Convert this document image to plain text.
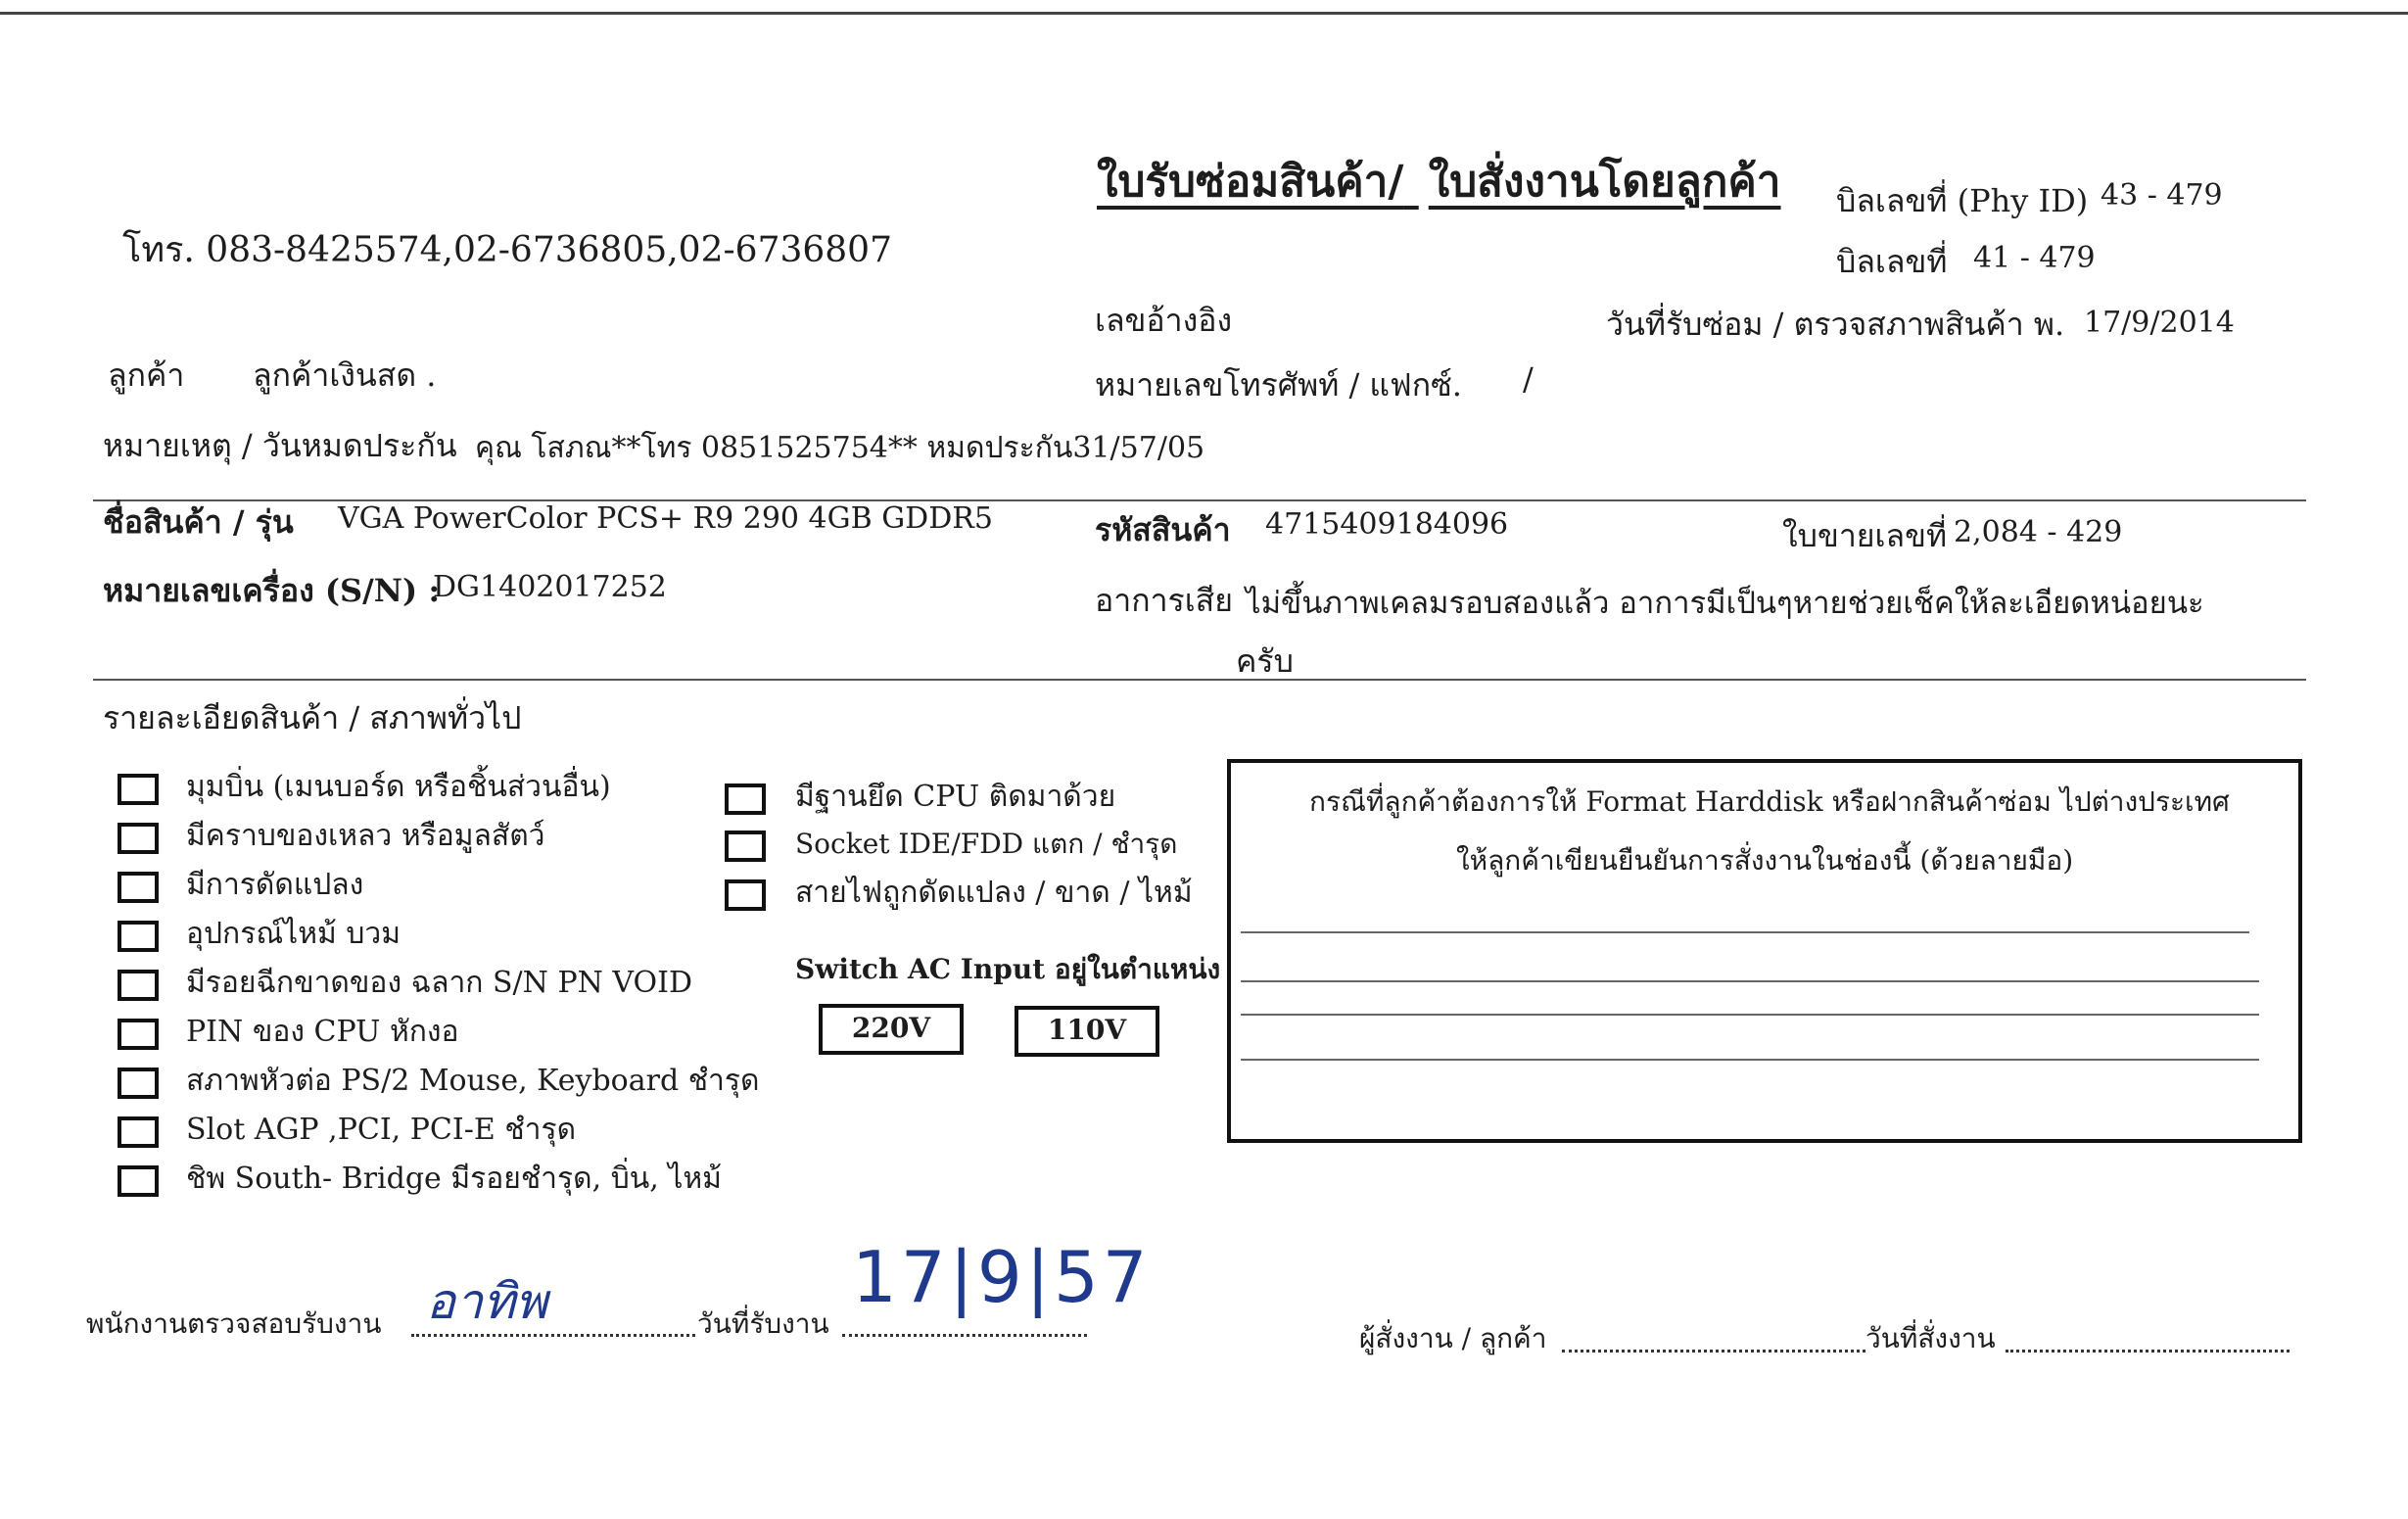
ใบรับซ่อมสินค้า/ ใบสั่งงานโดยลูกค้า บิลเลขที่ (Phy ID) 43 - 479
บิลเลขที่ 41 - 479
โทร. 083-8425574,02-6736805,02-6736807
เลขอ้างอิง	วันที่รับซ่อม / ตรวจสภาพสินค้า พ. 17/9/2014
ลูกค้า ลูกค้าเงินสด .	หมายเลขโทรศัพท์ / แฟกซ์. /
หมายเหตุ / วันหมดประกัน คุณ โสภณ**โทร 0851525754** หมดประกัน31/57/05
ชื่อสินค้า / รุ่น VGA PowerColor PCS+ R9 290 4GB GDDR5	รหัสสินค้า 4715409184096	ใบขายเลขที่ 2,084 - 429
หมายเลขเครื่อง (S/N) :
DG1402017252	อาการเสีย ไม่ขึ้นภาพเคลมรอบสองแล้ว อาการมีเป็นๆหายช่วยเช็คให้ละเอียดหน่อยนะ
ครับ
รายละเอียดสินค้า / สภาพทั่วไป
มุมบิ่น (เมนบอร์ด หรือชิ้นส่วนอื่น)
มีคราบของเหลว หรือมูลสัตว์
มีการดัดแปลง
อุปกรณ์ไหม้ บวม
มีรอยฉีกขาดของ ฉลาก S/N PN VOID
PIN ของ CPU หักงอ
สภาพหัวต่อ PS/2 Mouse, Keyboard ชำรุด
Slot AGP ,PCI, PCI-E ชำรุด
ชิพ South- Bridge มีรอยชำรุด, บิ่น, ไหม้
มีฐานยึด CPU ติดมาด้วย
Socket IDE/FDD แตก / ชำรุด
สายไฟถูกดัดแปลง / ขาด / ไหม้
Switch AC Input อยู่ในตำแหน่ง
220V	110V
กรณีที่ลูกค้าต้องการให้ Format Harddisk หรือฝากสินค้าซ่อม ไปต่างประเทศ
ให้ลูกค้าเขียนยืนยันการสั่งงานในช่องนี้ (ด้วยลายมือ)
พนักงานตรวจสอบรับงาน อาทิพ	วันที่รับงาน
17|9|57
ผู้สั่งงาน / ลูกค้า	วันที่สั่งงาน
